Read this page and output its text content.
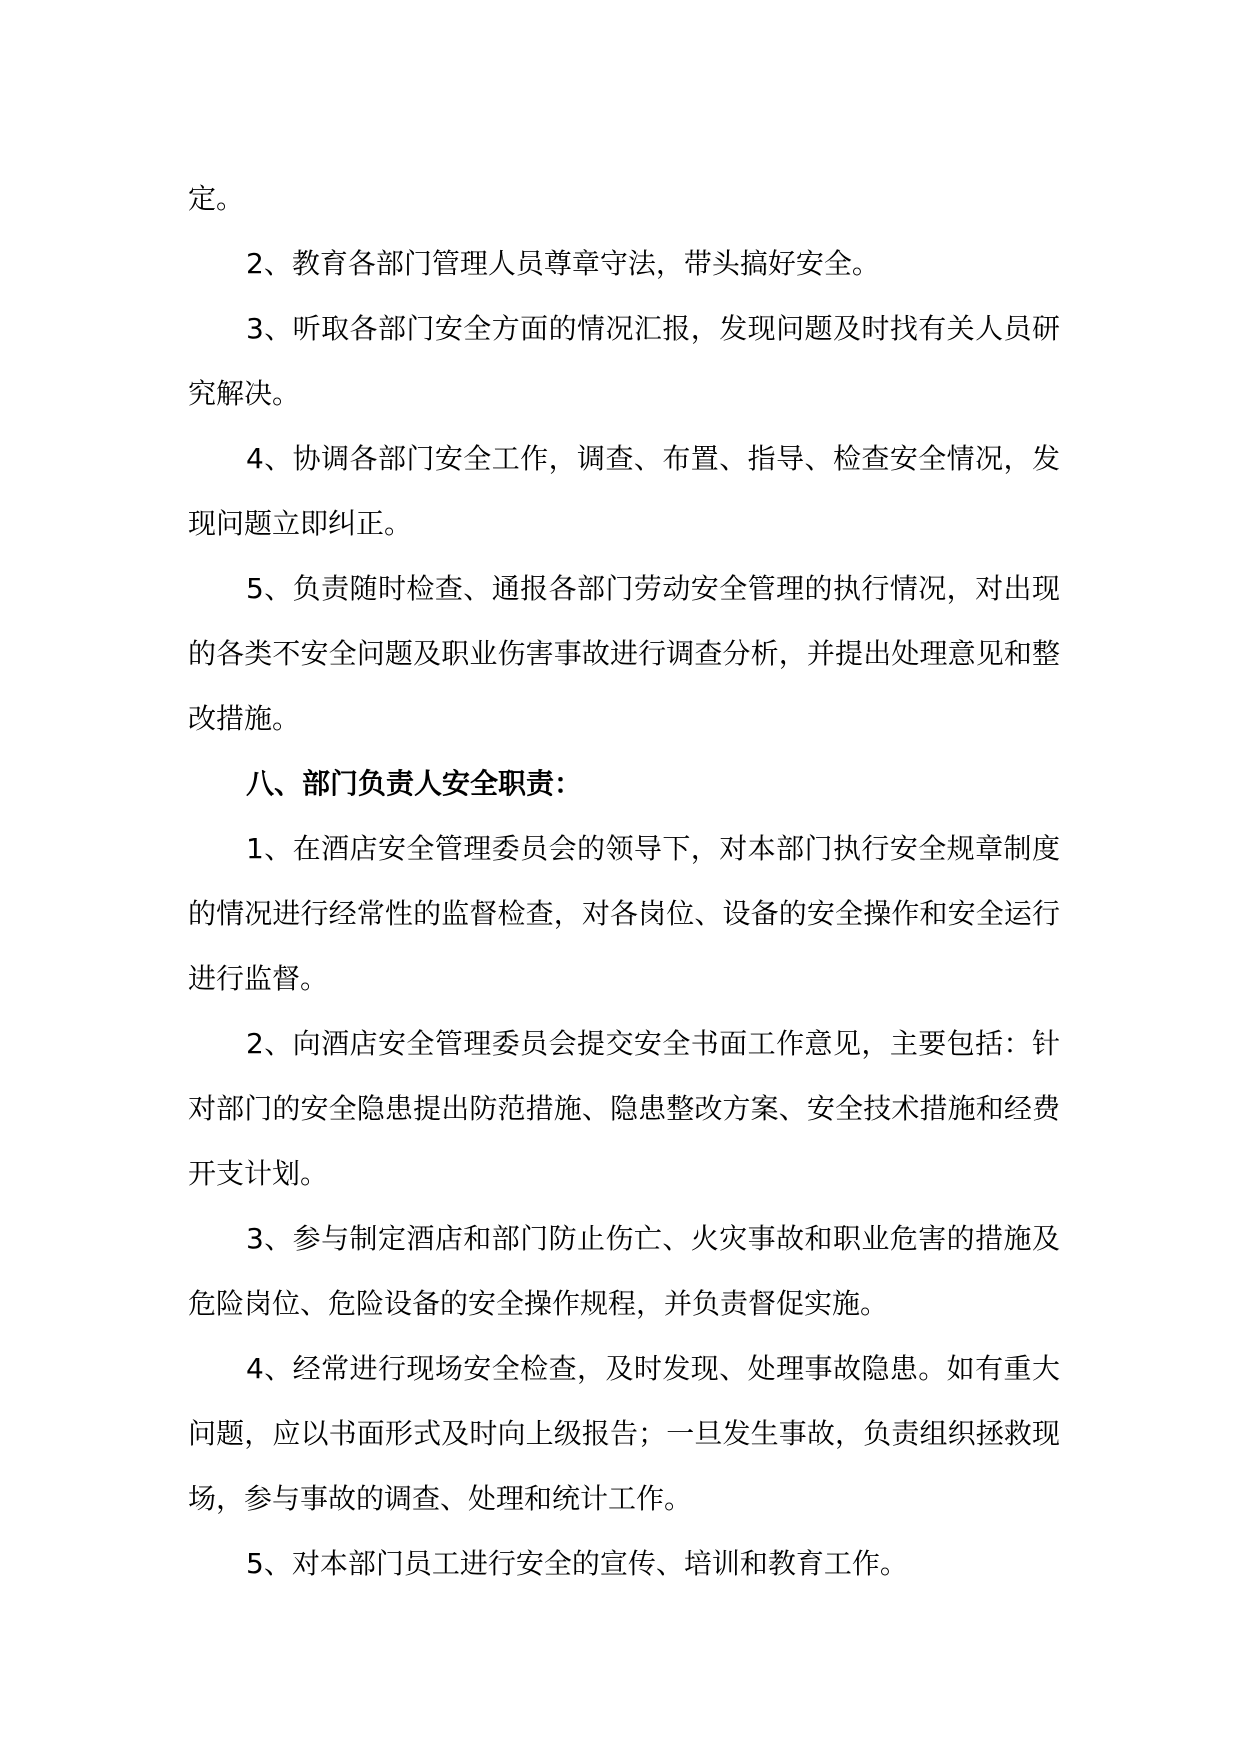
定。

2、教育各部门管理人员尊章守法，带头搞好安全。

3、听取各部门安全方面的情况汇报，发现问题及时找有关人员研究解决。

4、协调各部门安全工作，调查、布置、指导、检查安全情况，发现问题立即纠正。

5、负责随时检查、通报各部门劳动安全管理的执行情况，对出现的各类不安全问题及职业伤害事故进行调查分析，并提出处理意见和整改措施。

八、部门负责人安全职责：

1、在酒店安全管理委员会的领导下，对本部门执行安全规章制度的情况进行经常性的监督检查，对各岗位、设备的安全操作和安全运行进行监督。

2、向酒店安全管理委员会提交安全书面工作意见，主要包括：针对部门的安全隐患提出防范措施、隐患整改方案、安全技术措施和经费开支计划。

3、参与制定酒店和部门防止伤亡、火灾事故和职业危害的措施及危险岗位、危险设备的安全操作规程，并负责督促实施。

4、经常进行现场安全检查，及时发现、处理事故隐患。如有重大问题，应以书面形式及时向上级报告；一旦发生事故，负责组织拯救现场，参与事故的调查、处理和统计工作。

5、对本部门员工进行安全的宣传、培训和教育工作。
